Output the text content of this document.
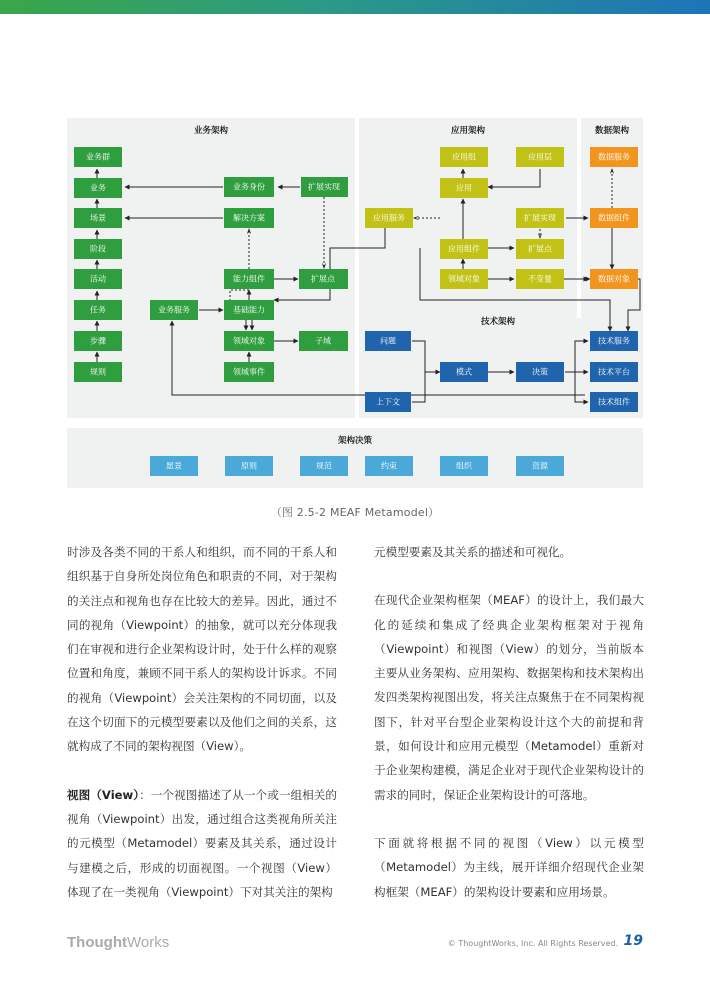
业务架构	应用架构	数据架构
技术架构
架构决策
业务群
业务
场景
阶段
活动
任务
步骤
规则
业务身份	扩展实现
解决方案
能力组件	扩展点
业务服务	基础能力
领域对象	子域
领域事件
应用组	应用层
应用
应用服务	扩展实现
应用组件	扩展点
领域对象	不变量
数据服务
数据组件
数据对象
问题
上下文
模式	决策
技术服务
技术平台
技术组件
愿景	原则	规范	约束	组织	资源
（图 2.5-2 MEAF Metamodel）

时涉及各类不同的干系人和组织，而不同的干系人和组织基于自身所处岗位角色和职责的不同，对于架构的关注点和视角也存在比较大的差异。因此，通过不同的视角（Viewpoint）的抽象，就可以充分体现我们在审视和进行企业架构设计时，处于什么样的观察位置和角度，兼顾不同干系人的架构设计诉求。不同的视角（Viewpoint）会关注架构的不同切面，以及在这个切面下的元模型要素以及他们之间的关系，这就构成了不同的架构视图（View）。

视图（View）：一个视图描述了从一个或一组相关的视角（Viewpoint）出发，通过组合这类视角所关注的元模型（Metamodel）要素及其关系，通过设计与建模之后，形成的切面视图。一个视图（View）体现了在一类视角（Viewpoint）下对其关注的架构

元模型要素及其关系的描述和可视化。

在现代企业架构框架（MEAF）的设计上，我们最大化的延续和集成了经典企业架构框架对于视角（Viewpoint）和视图（View）的划分，当前版本主要从业务架构、应用架构、数据架构和技术架构出发四类架构视图出发，将关注点聚焦于在不同架构视图下，针对平台型企业架构设计这个大的前提和背景，如何设计和应用元模型（Metamodel）重新对于企业架构建模，满足企业对于现代企业架构设计的需求的同时，保证企业架构设计的可落地。

下面就将根据不同的视图（View）以元模型（Metamodel）为主线，展开详细介绍现代企业架构框架（MEAF）的架构设计要素和应用场景。

ThoughtWorks	© ThoughtWorks, Inc. All Rights Reserved. 19
